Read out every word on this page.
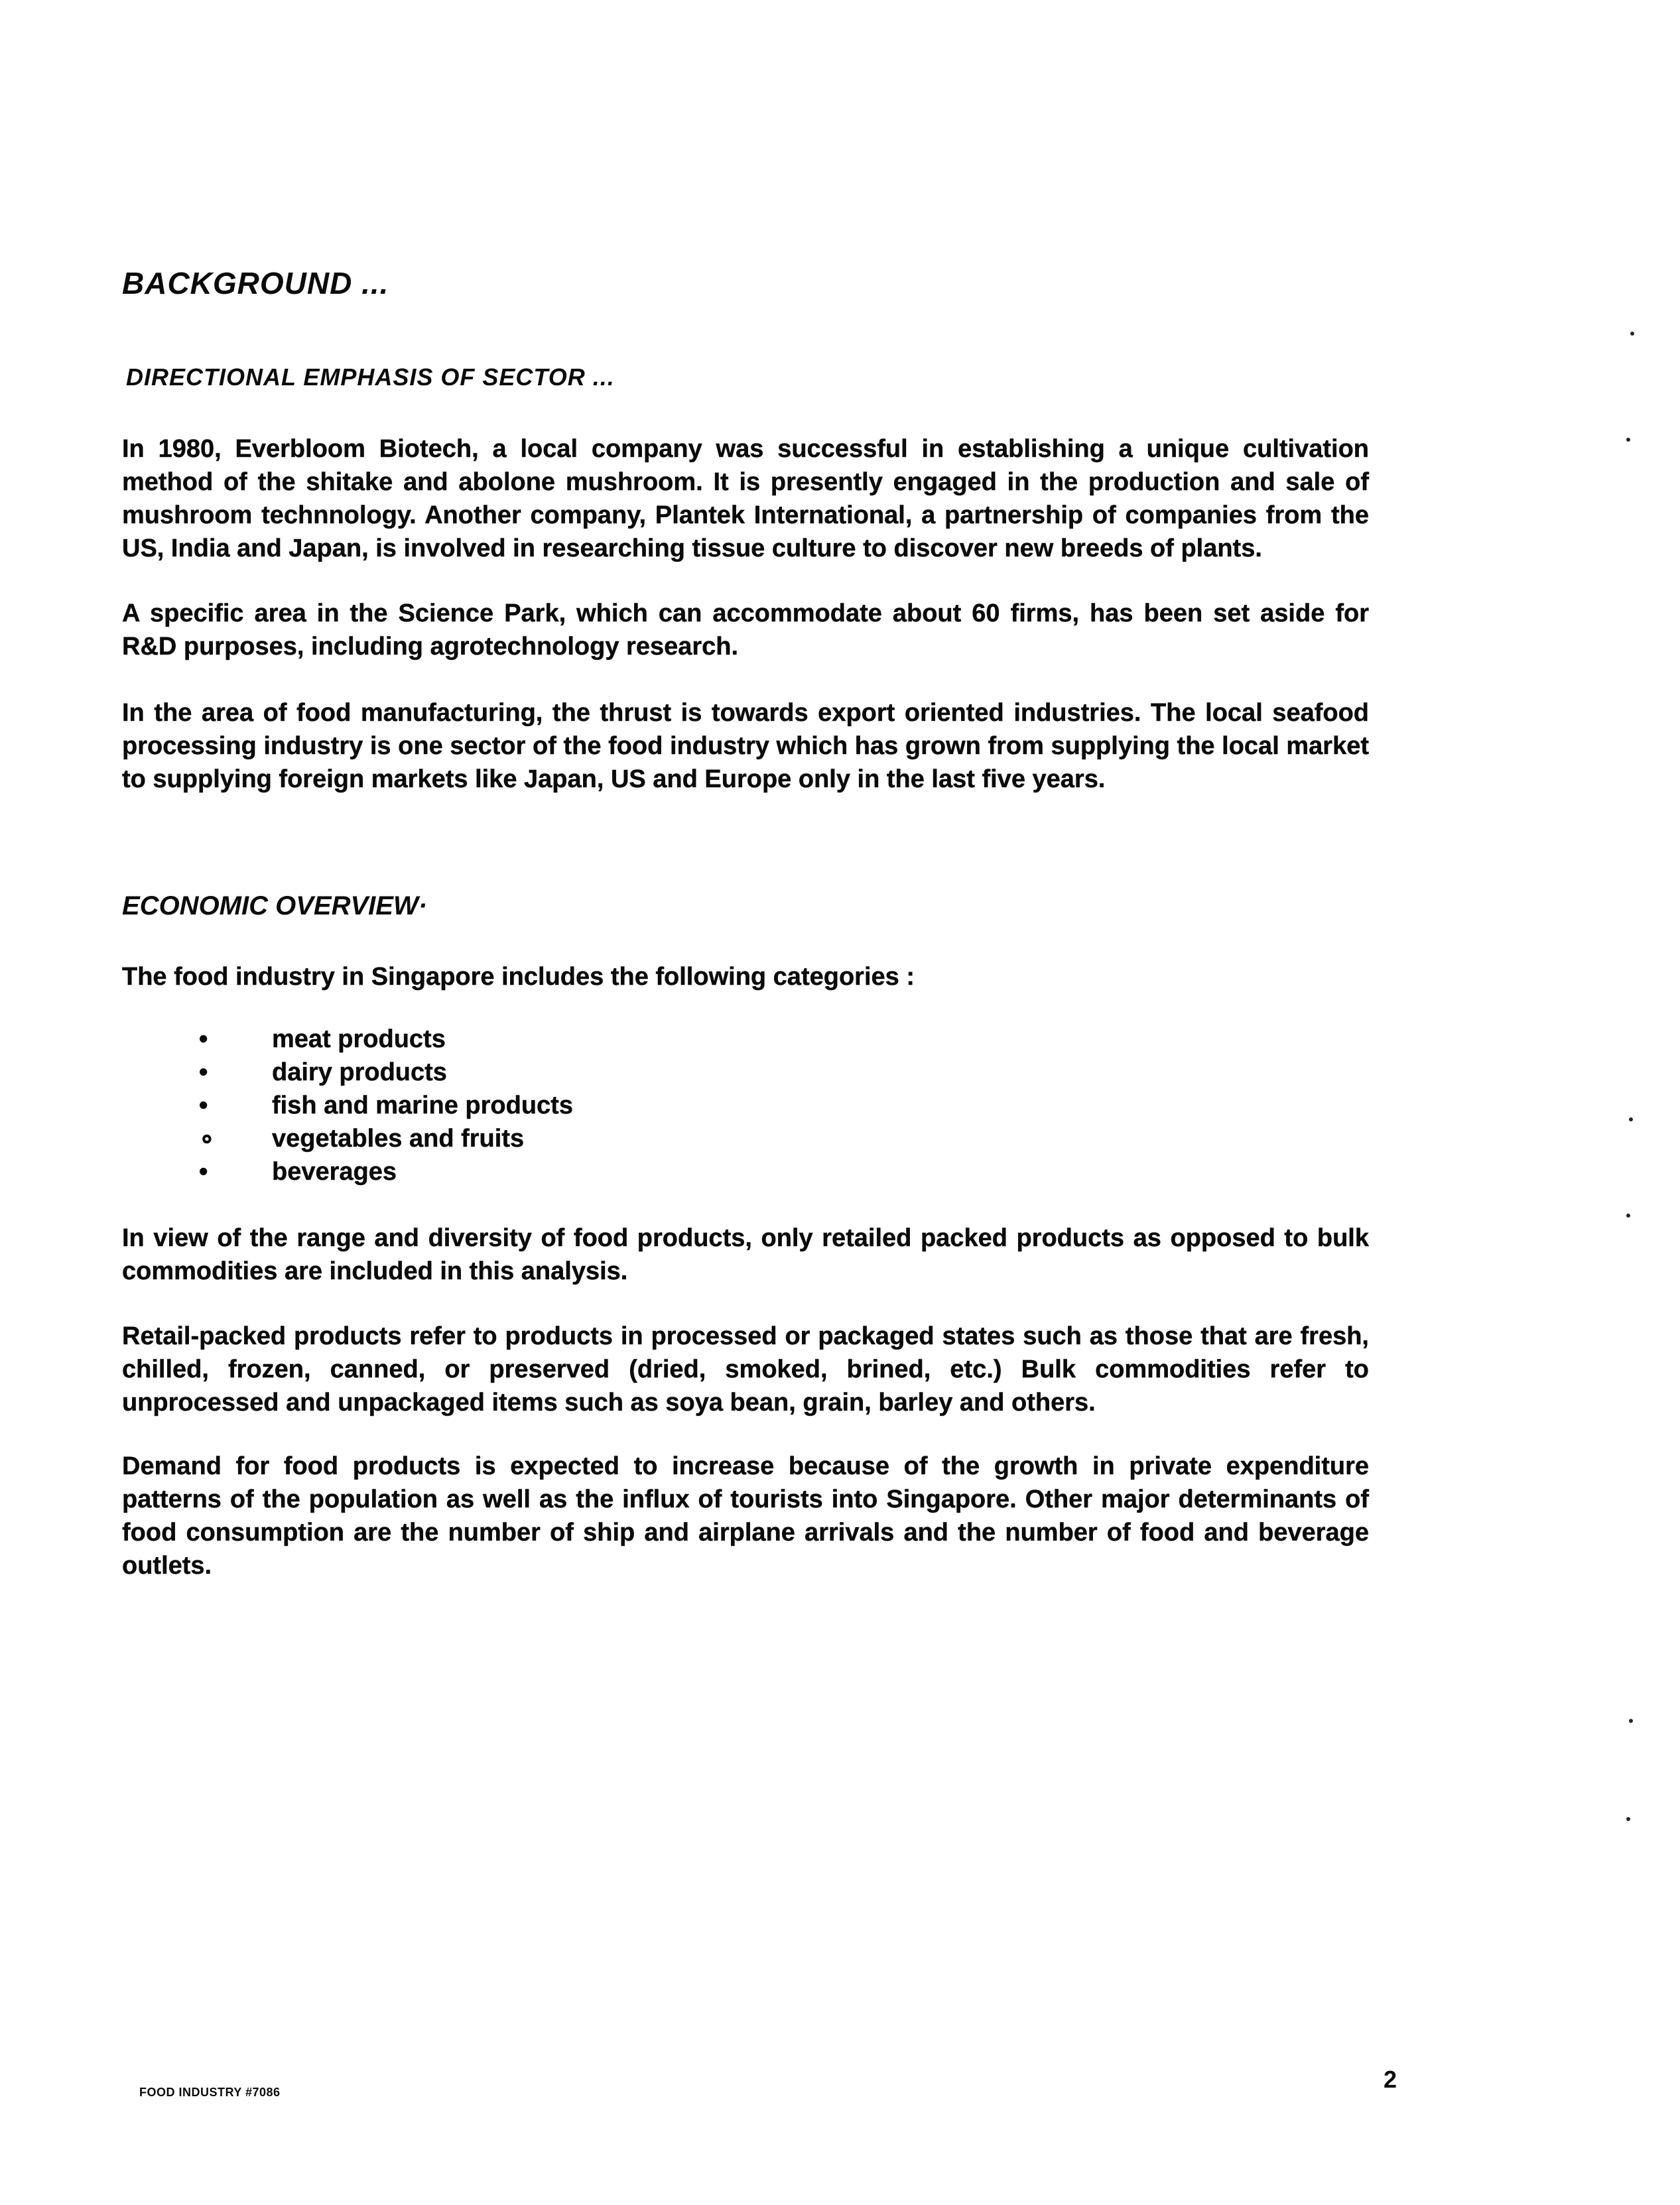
BACKGROUND ...
DIRECTIONAL EMPHASIS OF SECTOR ...

In 1980, Everbloom Biotech, a local company was successful in establishing a unique cultivation method of the shitake and abolone mushroom. It is presently engaged in the production and sale of mushroom technnology. Another company, Plantek International, a partnership of companies from the US, India and Japan, is involved in researching tissue culture to discover new breeds of plants.

A specific area in the Science Park, which can accommodate about 60 firms, has been set aside for R&D purposes, including agrotechnology research.

In the area of food manufacturing, the thrust is towards export oriented industries. The local seafood processing industry is one sector of the food industry which has grown from supplying the local market to supplying foreign markets like Japan, US and Europe only in the last five years.

ECONOMIC OVERVIEW·

The food industry in Singapore includes the following categories :

•	meat products
•	dairy products
•	fish and marine products
∘ vegetables and fruits
•	beverages

In view of the range and diversity of food products, only retailed packed products as opposed to bulk commodities are included in this analysis.

Retail-packed products refer to products in processed or packaged states such as those that are fresh, chilled, frozen, canned, or preserved (dried, smoked, brined, etc.) Bulk commodities refer to unprocessed and unpackaged items such as soya bean, grain, barley and others.

Demand for food products is expected to increase because of the growth in private expenditure patterns of the population as well as the influx of tourists into Singapore. Other major determinants of food consumption are the number of ship and airplane arrivals and the number of food and beverage outlets.

FOOD INDUSTRY #7086	2
